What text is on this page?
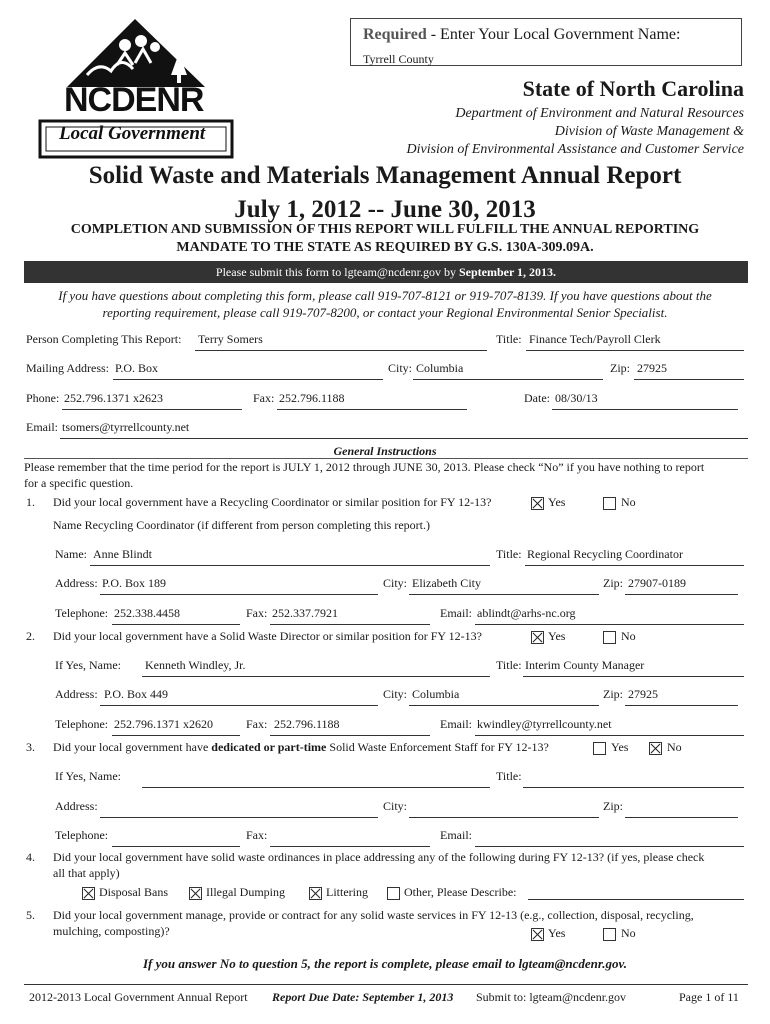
NCDENR
Local Government
Required - Enter Your Local Government Name:
Tyrrell County
State of North Carolina
Department of Environment and Natural Resources
Division of Waste Management &
Division of Environmental Assistance and Customer Service
Solid Waste and Materials Management Annual Report
July 1, 2012 -- June 30, 2013
COMPLETION AND SUBMISSION OF THIS REPORT WILL FULFILL THE ANNUAL REPORTING
MANDATE TO THE STATE AS REQUIRED BY G.S. 130A-309.09A.
Please submit this form to lgteam@ncdenr.gov by September 1, 2013.
If you have questions about completing this form, please call 919-707-8121 or 919-707-8139. If you have questions about the
reporting requirement, please call 919-707-8200, or contact your Regional Environmental Senior Specialist.
Person Completing This Report: Terry Somers	Title: Finance Tech/Payroll Clerk
Mailing Address: P.O. Box	City: Columbia	Zip: 27925
Phone: 252.796.1371 x2623	Fax: 252.796.1188	Date: 08/30/13
Email: tsomers@tyrrellcounty.net
General Instructions
Please remember that the time period for the report is JULY 1, 2012 through JUNE 30, 2013. Please check “No” if you have nothing to report
for a specific question.
1. Did your local government have a Recycling Coordinator or similar position for FY 12-13?	Yes	No
Name Recycling Coordinator (if different from person completing this report.)
Name: Anne Blindt	Title: Regional Recycling Coordinator
Address: P.O. Box 189	City: Elizabeth City	Zip: 27907-0189
Telephone: 252.338.4458	Fax: 252.337.7921	Email: ablindt@arhs-nc.org
2. Did your local government have a Solid Waste Director or similar position for FY 12-13?	Yes	No
If Yes, Name: Kenneth Windley, Jr.	Title: Interim County Manager
Address: P.O. Box 449	City: Columbia	Zip: 27925
Telephone: 252.796.1371 x2620	Fax: 252.796.1188	Email: kwindley@tyrrellcounty.net
3. Did your local government have dedicated or part-time Solid Waste Enforcement Staff for FY 12-13?	Yes	No
If Yes, Name:	Title:
Address:	City:	Zip:
Telephone:	Fax:	Email:
4. Did your local government have solid waste ordinances in place addressing any of the following during FY 12-13? (if yes, please check
all that apply)
Disposal Bans	Illegal Dumping	Littering	Other, Please Describe:
5. Did your local government manage, provide or contract for any solid waste services in FY 12-13 (e.g., collection, disposal, recycling,
mulching, composting)?	Yes	No
If you answer No to question 5, the report is complete, please email to lgteam@ncdenr.gov.
2012-2013 Local Government Annual Report Report Due Date: September 1, 2013 Submit to: lgteam@ncdenr.gov	Page 1 of 11
